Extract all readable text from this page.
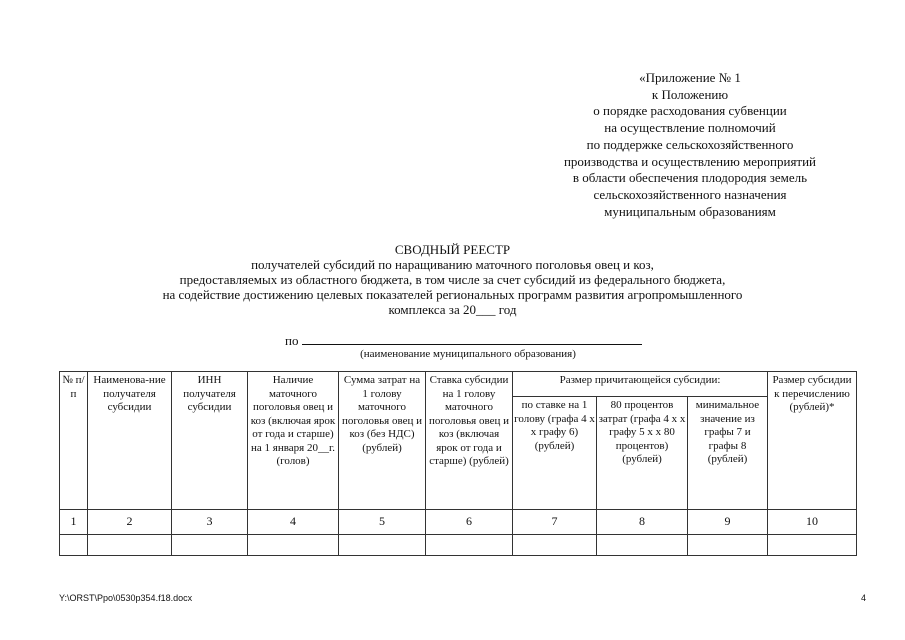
«Приложение № 1
к Положению
о порядке расходования субвенции
на осуществление полномочий
по поддержке сельскохозяйственного
производства и осуществлению мероприятий
в области обеспечения плодородия земель
сельскохозяйственного назначения
муниципальным образованиям
СВОДНЫЙ РЕЕСТР
получателей субсидий по наращиванию маточного поголовья овец и коз,
предоставляемых из областного бюджета, в том числе за счет субсидий из федерального бюджета,
на содействие достижению целевых показателей региональных программ развития агропромышленного
комплекса за 20___ год
по
(наименование муниципального образования)
№ п/п	Наименова-ние получателя субсидии	ИНН получателя субсидии	Наличие маточного поголовья овец и коз (включая ярок от года и старше) на 1 января 20__г. (голов)	Сумма затрат на 1 голову маточного поголовья овец и коз (без НДС) (рублей)	Ставка субсидии на 1 голову маточного поголовья овец и коз (включая ярок от года и старше) (рублей)	Размер причитающейся субсидии:			Размер субсидии к перечислению (рублей)*
						по ставке на 1 голову (графа 4 х х графу 6) (рублей)	80 процентов затрат (графа 4 х х графу 5 х х 80 процентов) (рублей)	минимальное значение из графы 7 и графы 8 (рублей)	
1	2	3	4	5	6	7	8	9	10

Y:\ORST\Ppo\0530p354.f18.docx	4
